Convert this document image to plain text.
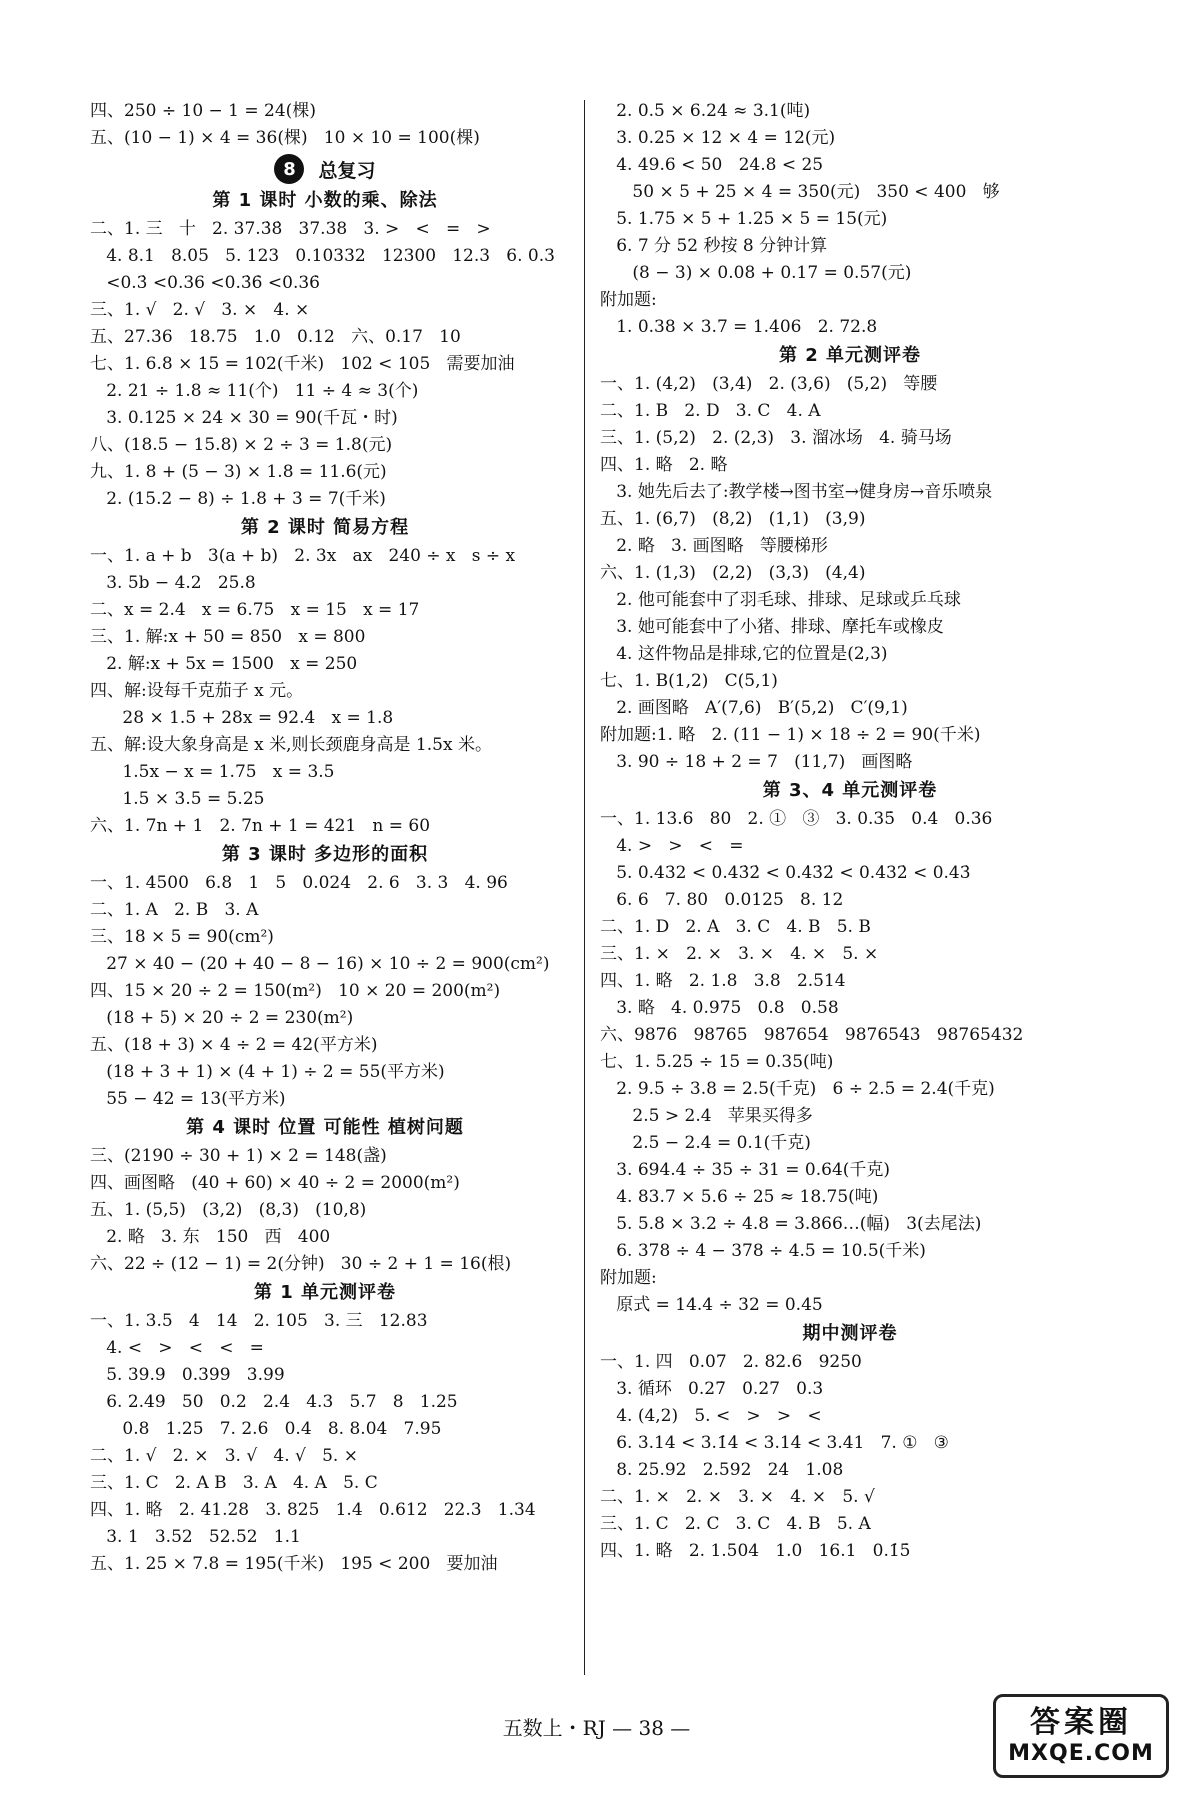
四、250 ÷ 10 − 1 = 24(棵)
五、(10 − 1) × 4 = 36(棵)   10 × 10 = 100(棵)
8	总复习
第 1 课时 小数的乘、除法
二、1. 三   十   2. 37.3̇8̇   37.38   3. >   <   =   >
4. 8.1   8.05   5. 123   0.10332   12300   12.3   6. 0.3
<0.3̇ <0.36 <0.3̇6̇ <0.36̇
三、1. √   2. √   3. ×   4. ×
五、27.36   18.75   1.0   0.12   六、0.17   10
七、1. 6.8 × 15 = 102(千米)   102 < 105   需要加油
2. 21 ÷ 1.8 ≈ 11(个)   11 ÷ 4 ≈ 3(个)
3. 0.125 × 24 × 30 = 90(千瓦・时)
八、(18.5 − 15.8) × 2 ÷ 3 = 1.8(元)
九、1. 8 + (5 − 3) × 1.8 = 11.6(元)
2. (15.2 − 8) ÷ 1.8 + 3 = 7(千米)
第 2 课时 简易方程
一、1. a + b   3(a + b)   2. 3x   ax   240 ÷ x   s ÷ x
3. 5b − 4.2   25.8
二、x = 2.4   x = 6.75   x = 15   x = 17
三、1. 解:x + 50 = 850   x = 800
2. 解:x + 5x = 1500   x = 250
四、解:设每千克茄子 x 元。
28 × 1.5 + 28x = 92.4   x = 1.8
五、解:设大象身高是 x 米,则长颈鹿身高是 1.5x 米。
1.5x − x = 1.75   x = 3.5
1.5 × 3.5 = 5.25
六、1. 7n + 1   2. 7n + 1 = 421   n = 60
第 3 课时 多边形的面积
一、1. 4500   6.8   1   5   0.024   2. 6   3. 3   4. 96
二、1. A   2. B   3. A
三、18 × 5 = 90(cm²)
27 × 40 − (20 + 40 − 8 − 16) × 10 ÷ 2 = 900(cm²)
四、15 × 20 ÷ 2 = 150(m²)   10 × 20 = 200(m²)
(18 + 5) × 20 ÷ 2 = 230(m²)
五、(18 + 3) × 4 ÷ 2 = 42(平方米)
(18 + 3 + 1) × (4 + 1) ÷ 2 = 55(平方米)
55 − 42 = 13(平方米)
第 4 课时 位置 可能性 植树问题
三、(2190 ÷ 30 + 1) × 2 = 148(盏)
四、画图略   (40 + 60) × 40 ÷ 2 = 2000(m²)
五、1. (5,5)   (3,2)   (8,3)   (10,8)
2. 略   3. 东   150   西   400
六、22 ÷ (12 − 1) = 2(分钟)   30 ÷ 2 + 1 = 16(根)
第 1 单元测评卷
一、1. 3.5   4   14   2. 105   3. 三   12.83
4. <   >   <   <   =
5. 39.9   0.399   3.99
6. 2.49   50   0.2   2.4   4.3   5.7   8   1.25
0.8   1.25   7. 2.6   0.4   8. 8.04   7.95
二、1. √   2. ×   3. √   4. √   5. ×
三、1. C   2. A B   3. A   4. A   5. C
四、1. 略   2. 41.28   3. 825   1.4   0.612   22.3   1.34
3. 1   3.52   52.52   1.1
五、1. 25 × 7.8 = 195(千米)   195 < 200   要加油
2. 0.5 × 6.24 ≈ 3.1(吨)
3. 0.25 × 12 × 4 = 12(元)
4. 49.6 < 50   24.8 < 25
50 × 5 + 25 × 4 = 350(元)   350 < 400   够
5. 1.75 × 5 + 1.25 × 5 = 15(元)
6. 7 分 52 秒按 8 分钟计算
(8 − 3) × 0.08 + 0.17 = 0.57(元)
附加题:
1. 0.38 × 3.7 = 1.406   2. 72.8
第 2 单元测评卷
一、1. (4,2)   (3,4)   2. (3,6)   (5,2)   等腰
二、1. B   2. D   3. C   4. A
三、1. (5,2)   2. (2,3)   3. 溜冰场   4. 骑马场
四、1. 略   2. 略
3. 她先后去了:教学楼→图书室→健身房→音乐喷泉
五、1. (6,7)   (8,2)   (1,1)   (3,9)
2. 略   3. 画图略   等腰梯形
六、1. (1,3)   (2,2)   (3,3)   (4,4)
2. 他可能套中了羽毛球、排球、足球或乒乓球
3. 她可能套中了小猪、排球、摩托车或橡皮
4. 这件物品是排球,它的位置是(2,3)
七、1. B(1,2)   C(5,1)
2. 画图略   A′(7,6)   B′(5,2)   C′(9,1)
附加题:1. 略   2. (11 − 1) × 18 ÷ 2 = 90(千米)
3. 90 ÷ 18 + 2 = 7   (11,7)   画图略
第 3、4 单元测评卷
一、1. 13.6   80   2. ①   ③   3. 0.35̇   0.4   0.36
4. >   >   <   =
5. 0.432 < 0.43̇2̇ < 0.4̇3̇2̇ < 0.4̇32̇ < 0.43̇
6. 6   7. 80   0.0125   8. 12
二、1. D   2. A   3. C   4. B   5. B
三、1. ×   2. ×   3. ×   4. ×   5. ×
四、1. 略   2. 1.8   3.8   2.514
3. 略   4. 0.975   0.8   0.58
六、9876   98765   987654   9876543   98765432
七、1. 5.25 ÷ 15 = 0.35(吨)
2. 9.5 ÷ 3.8 = 2.5(千克)   6 ÷ 2.5 = 2.4(千克)
2.5 > 2.4   苹果买得多
2.5 − 2.4 = 0.1(千克)
3. 694.4 ÷ 35 ÷ 31 = 0.64(千克)
4. 83.7 × 5.6 ÷ 25 ≈ 18.75(吨)
5. 5.8 × 3.2 ÷ 4.8 = 3.866…(幅)   3(去尾法)
6. 378 ÷ 4 − 378 ÷ 4.5 = 10.5(千米)
附加题:
原式 = 14.4 ÷ 32 = 0.45
期中测评卷
一、1. 四   0.07   2. 82.6   9250
3. 循环   0.27̇   0.27   0.3
4. (4,2)   5. <   >   >   <
6. 3.14 < 3.1̇4̇ < 3.14̇ < 3.41   7. ①   ③
8. 25.92   2.592   24   1.08
二、1. ×   2. ×   3. ×   4. ×   5. √
三、1. C   2. C   3. C   4. B   5. A
四、1. 略   2. 1.504   1.0   16.1   0.1̇5̇
五数上・RJ — 38 —	答案圈
MXQE.COM
